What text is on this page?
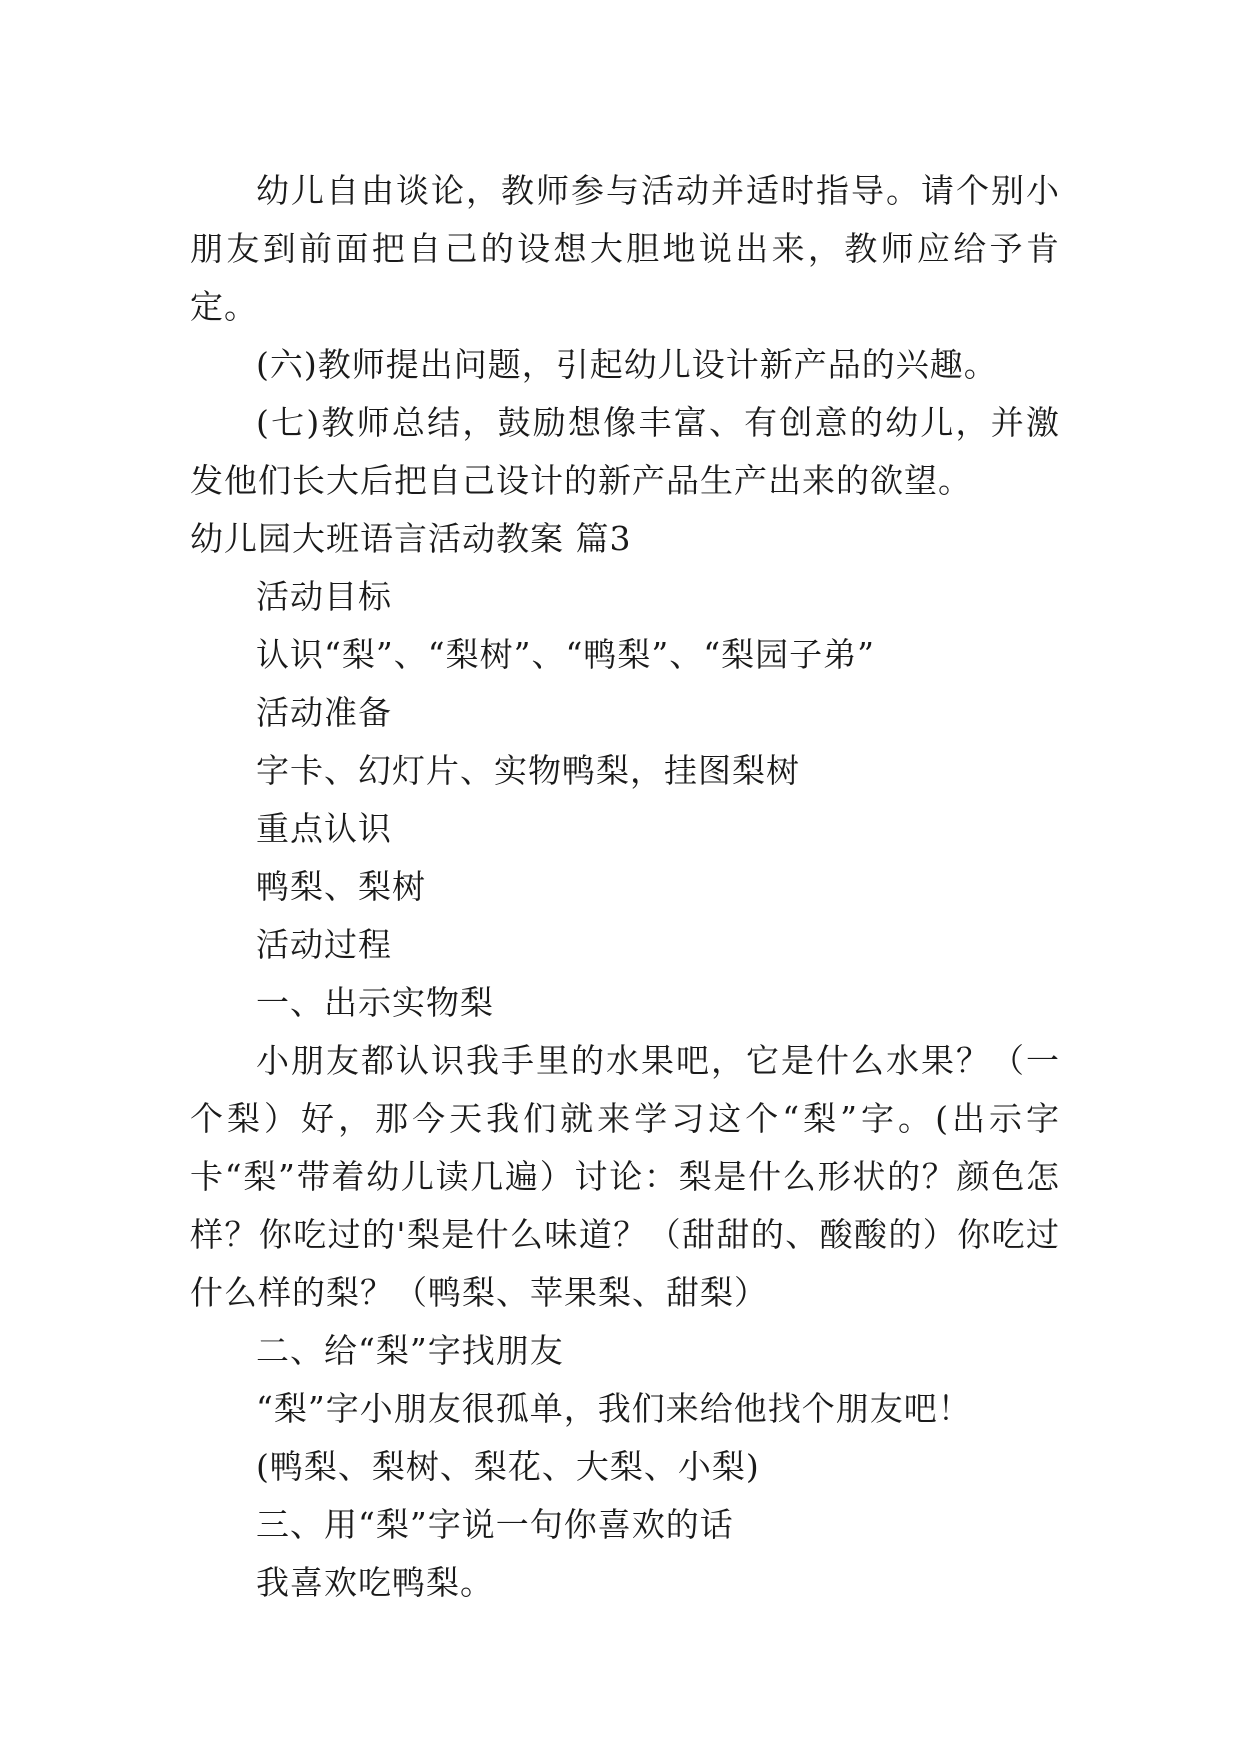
幼儿自由谈论，教师参与活动并适时指导。请个别小朋友到前面把自己的设想大胆地说出来，教师应给予肯定。

(六)教师提出问题，引起幼儿设计新产品的兴趣。

(七)教师总结，鼓励想像丰富、有创意的幼儿，并激发他们长大后把自己设计的新产品生产出来的欲望。

幼儿园大班语言活动教案 篇3

活动目标

认识“梨”、“梨树”、“鸭梨”、“梨园子弟”

活动准备

字卡、幻灯片、实物鸭梨，挂图梨树

重点认识

鸭梨、梨树

活动过程

一、出示实物梨

小朋友都认识我手里的水果吧，它是什么水果？（一个梨）好，那今天我们就来学习这个“梨”字。(出示字卡“梨”带着幼儿读几遍）讨论：梨是什么形状的？颜色怎样？你吃过的'梨是什么味道？（甜甜的、酸酸的）你吃过什么样的梨？（鸭梨、苹果梨、甜梨）

二、给“梨”字找朋友

“梨”字小朋友很孤单，我们来给他找个朋友吧！

(鸭梨、梨树、梨花、大梨、小梨)

三、用“梨”字说一句你喜欢的话

我喜欢吃鸭梨。
